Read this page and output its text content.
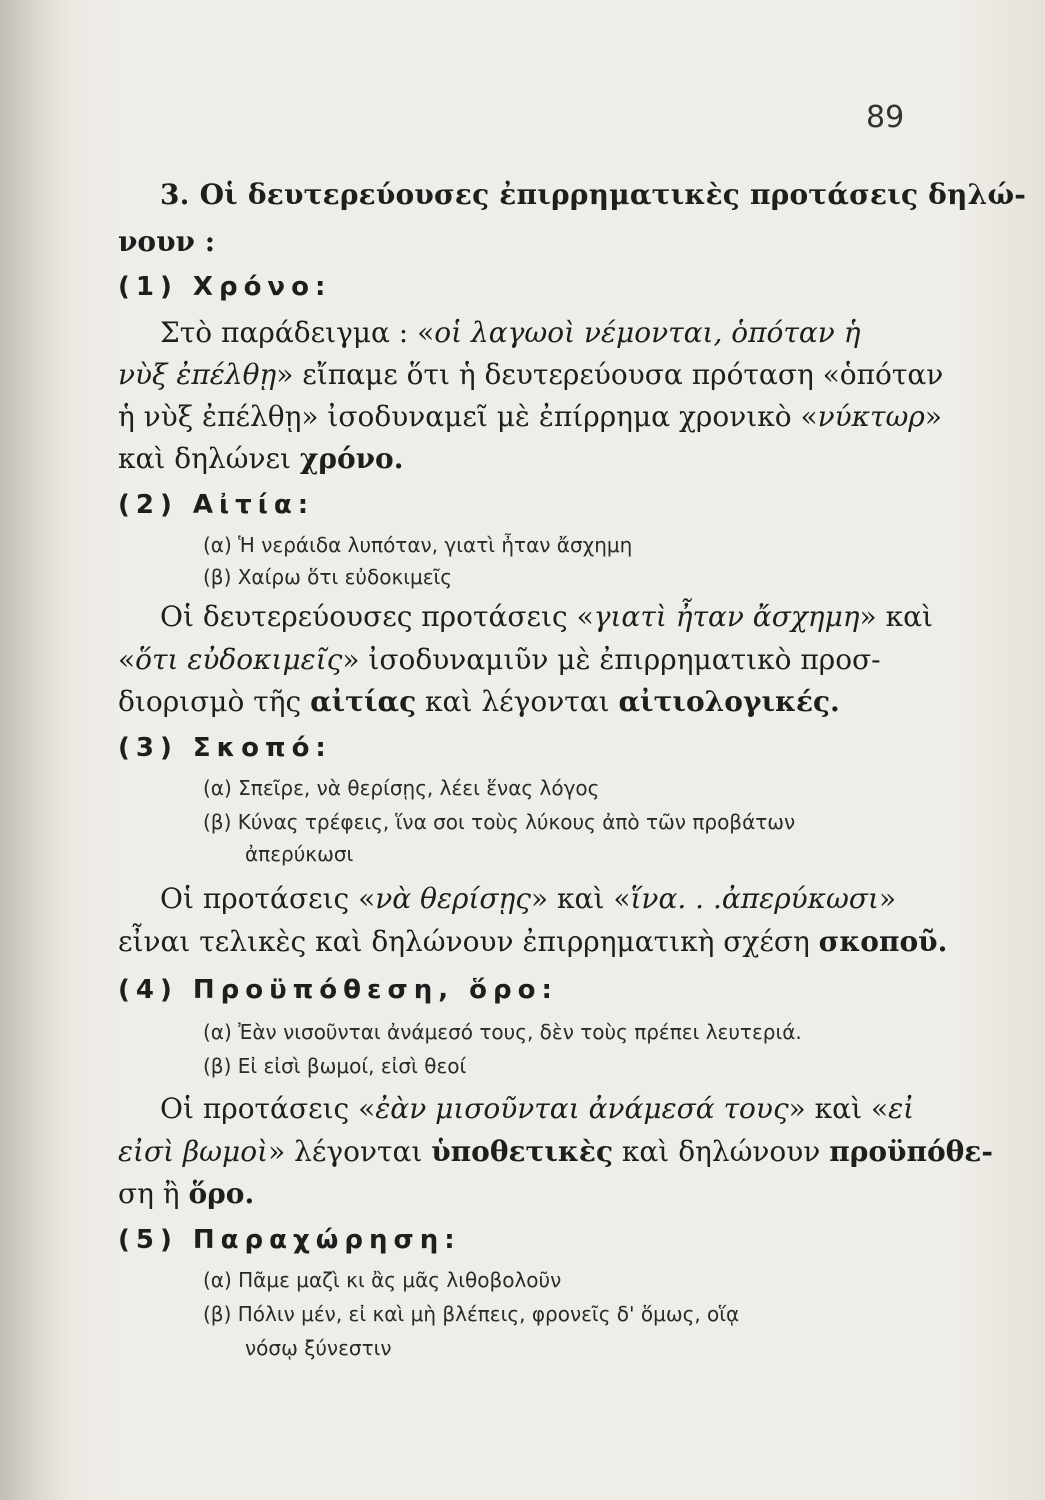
89
3. Οἱ δευτερεύουσες ἐπιρρηματικὲς προτάσεις δηλώ-
νουν :
(1) Χρόνο:
Στὸ παράδειγμα : «οἱ λαγωοὶ νέμονται, ὁπόταν ἡ
νὺξ ἐπέλθῃ» εἴπαμε ὅτι ἡ δευτερεύουσα πρόταση «ὁπόταν
ἡ νὺξ ἐπέλθῃ» ἰσοδυναμεῖ μὲ ἐπίρρημα χρονικὸ «νύκτωρ»
καὶ δηλώνει χρόνο.
(2) Αἰτία:
(α) Ἡ νεράιδα λυπόταν, γιατὶ ἦταν ἄσχημη
(β) Χαίρω ὅτι εὐδοκιμεῖς
Οἱ δευτερεύουσες προτάσεις «γιατὶ ἦταν ἄσχημη» καὶ
«ὅτι εὐδοκιμεῖς» ἰσοδυναμιῦν μὲ ἐπιρρηματικὸ προσ-
διορισμὸ τῆς αἰτίας καὶ λέγονται αἰτιολογικές.
(3) Σκοπό:
(α) Σπεῖρε, νὰ θερίσῃς, λέει ἕνας λόγος
(β) Κύνας τρέφεις, ἵνα σοι τοὺς λύκους ἀπὸ τῶν προβάτων
ἀπερύκωσι
Οἱ προτάσεις «νὰ θερίσῃς» καὶ «ἵνα. . .ἀπερύκωσι»
εἶναι τελικὲς καὶ δηλώνουν ἐπιρρηματικὴ σχέση σκοποῦ.
(4) Προϋπόθεση, ὅρο:
(α) Ἐὰν νισοῦνται ἀνάμεσό τους, δὲν τοὺς πρέπει λευτεριά.
(β) Εἰ εἰσὶ βωμοί, εἰσὶ θεοί
Οἱ προτάσεις «ἐὰν μισοῦνται ἀνάμεσά τους» καὶ «εἰ
εἰσὶ βωμοὶ» λέγονται ὑποθετικὲς καὶ δηλώνουν προϋπόθε-
ση ἢ ὅρο.
(5) Παραχώρηση:
(α) Πᾶμε μαζὶ κι ἂς μᾶς λιθοβολοῦν
(β) Πόλιν μέν, εἰ καὶ μὴ βλέπεις, φρονεῖς δ' ὅμως, οἵᾳ
νόσῳ ξύνεστιν
